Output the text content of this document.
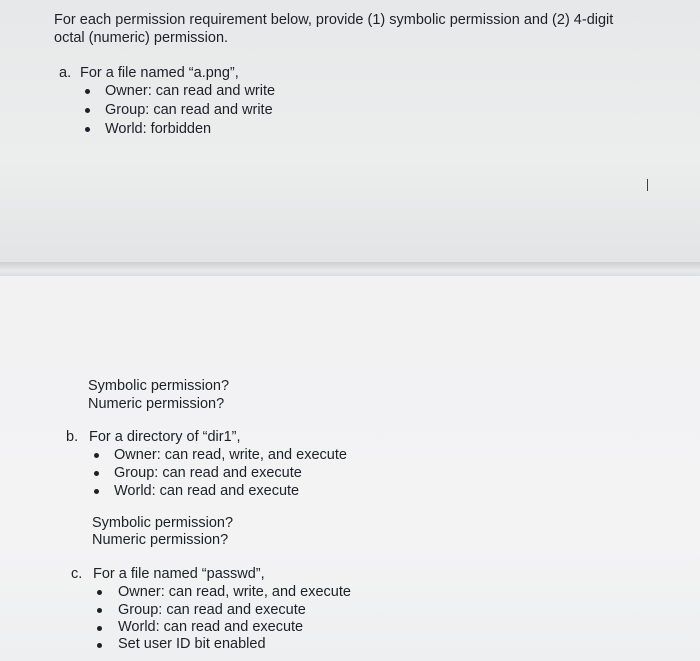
For each permission requirement below, provide (1) symbolic permission and (2) 4-digit
octal (numeric) permission.
a. For a file named “a.png”,
Owner: can read and write
Group: can read and write
World: forbidden
Symbolic permission?
Numeric permission?
b. For a directory of “dir1”,
Owner: can read, write, and execute
Group: can read and execute
World: can read and execute
Symbolic permission?
Numeric permission?
c. For a file named “passwd”,
Owner: can read, write, and execute
Group: can read and execute
World: can read and execute
Set user ID bit enabled
